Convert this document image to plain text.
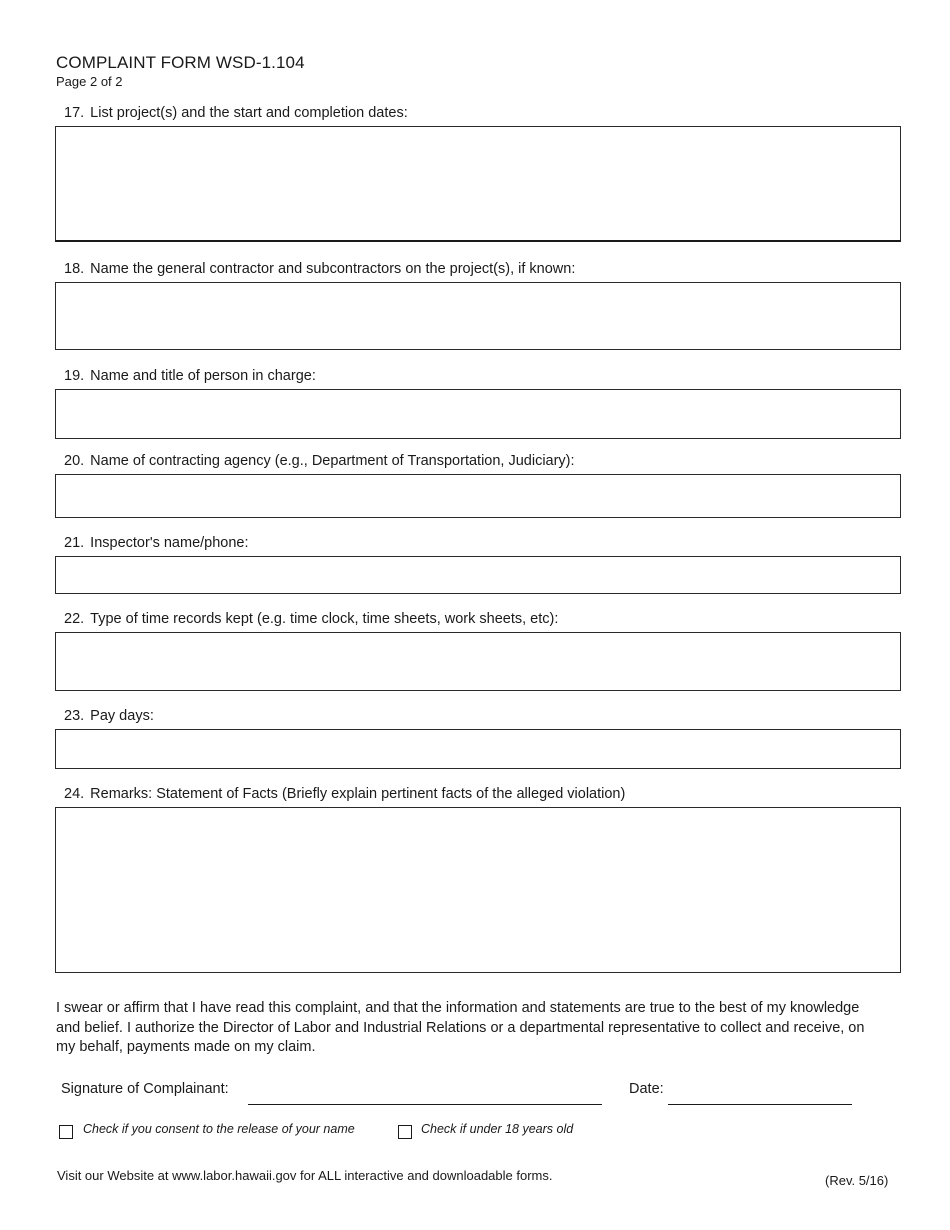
COMPLAINT FORM WSD-1.104
Page 2 of 2
17. List project(s) and the start and completion dates:
18. Name the general contractor and subcontractors on the project(s), if known:
19. Name and title of person in charge:
20. Name of contracting agency (e.g., Department of Transportation, Judiciary):
21. Inspector's name/phone:
22. Type of time records kept (e.g. time clock, time sheets, work sheets, etc):
23. Pay days:
24. Remarks: Statement of Facts (Briefly explain pertinent facts of the alleged violation)
I swear or affirm that I have read this complaint, and that the information and statements are true to the best of my knowledge and belief. I authorize the Director of Labor and Industrial Relations or a departmental representative to collect and receive, on my behalf, payments made on my claim.
Signature of Complainant:	Date:
Check if you consent to the release of your name	Check if under 18 years old
Visit our Website at www.labor.hawaii.gov for ALL interactive and downloadable forms.	(Rev. 5/16)
